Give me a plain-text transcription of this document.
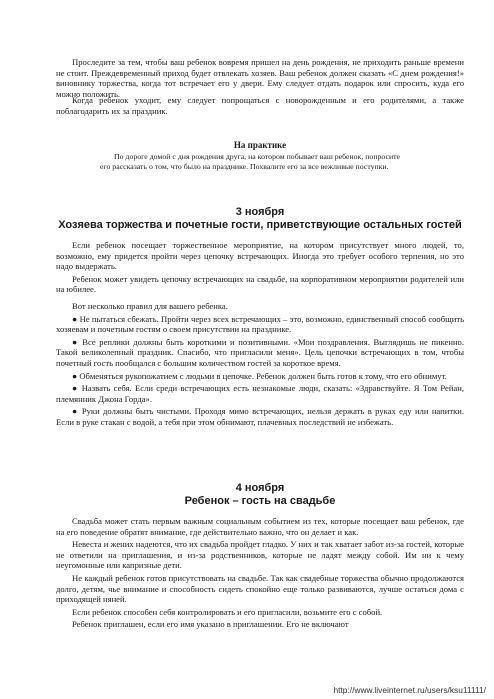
Проследите за тем, чтобы ваш ребенок вовремя пришел на день рождения, не приходить раньше времени не стоит. Преждевременный приход будет отвлекать хозяев. Ваш ребенок должен сказать «С днем рождения!» виновнику торжества, когда тот встречает его у двери. Ему следует отдать подарок или спросить, куда его можно положить.

Когда ребенок уходит, ему следует попрощаться с новорожденным и его родителями, а также поблагодарить их за праздник.

На практике

По дороге домой с дня рождения друга, на котором побывает ваш ребенок, попросите его рассказать о том, что было на празднике. Похвалите его за все вежливые поступки.

3 ноября
Хозяева торжества и почетные гости, приветствующие остальных гостей

Если ребенок посещает торжественное мероприятие, на котором присутствует много людей, то, возможно, ему придется пройти через цепочку встречающих. Иногда это требует особого терпения, но это надо выдержать.

Ребенок может увидеть цепочку встречающих на свадьбе, на корпоративном мероприятии родителей или на юбилее.

Вот несколько правил для вашего ребенка.

● Не пытаться сбежать. Пройти через всех встречающих – это, возможно, единственный способ сообщить хозяевам и почетным гостям о своем присутствии на празднике.

● Все реплики должны быть короткими и позитивными. «Мои поздравления. Выглядишь не пикенно. Такой великолепный праздник. Спасибо, что пригласили меня». Цель цепочки встречающих в том, чтобы почетный гость пообщался с большим количеством гостей за короткое время.

● Обменяться рукопожатием с людьми в цепочке. Ребенок должен быть готов к тому, что его обнимут.

● Назвать себя. Если среди встречающих есть незнакомые люди, сказать: «Здравствуйте. Я Том Рейан, племянник Джона Горда».

● Руки должны быть чистыми. Проходя мимо встречающих, нельзя держать в руках еду или напитки. Если в руке стакан с водой, а тебя при этом обнимают, плачевных последствий не избежать.

4 ноября
Ребенок – гость на свадьбе

Свадьба может стать первым важным социальным событием из тех, которые посещает ваш ребенок, где на его поведение обратят внимание, где действительно важно, что он делает и как.

Невеста и жених надеются, что их свадьба пройдет гладко. У них и так хватает забот из-за гостей, которые не ответили на приглашения, и из-за родственников, которые не ладят между собой. Им ни к чему неугомонные или капризные дети.

Не каждый ребенок готов присутствовать на свадьбе. Так как свадебные торжества обычно продолжаются долго, детям, чье внимание и способность сидеть спокойно еще только развиваются, лучше остаться дома с приходящей няней.

Если ребенок способен себя контролировать и его пригласили, возьмите его с собой.

Ребенок приглашен, если его имя указано в приглашении. Его не включают

http://www.liveinternet.ru/users/ksu11111/
